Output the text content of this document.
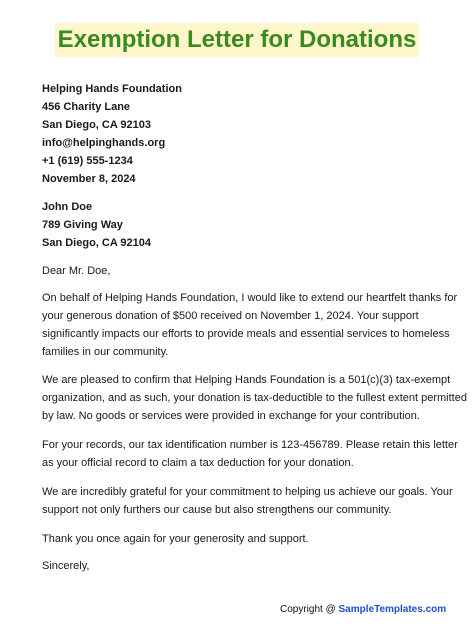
Exemption Letter for Donations
Helping Hands Foundation
456 Charity Lane
San Diego, CA 92103
info@helpinghands.org
+1 (619) 555-1234
November 8, 2024
John Doe
789 Giving Way
San Diego, CA 92104
Dear Mr. Doe,
On behalf of Helping Hands Foundation, I would like to extend our heartfelt thanks for
your generous donation of $500 received on November 1, 2024. Your support
significantly impacts our efforts to provide meals and essential services to homeless
families in our community.
We are pleased to confirm that Helping Hands Foundation is a 501(c)(3) tax-exempt
organization, and as such, your donation is tax-deductible to the fullest extent permitted
by law. No goods or services were provided in exchange for your contribution.
For your records, our tax identification number is 123-456789. Please retain this letter
as your official record to claim a tax deduction for your donation.
We are incredibly grateful for your commitment to helping us achieve our goals. Your
support not only furthers our cause but also strengthens our community.
Thank you once again for your generosity and support.
Sincerely,
Copyright @ SampleTemplates.com
